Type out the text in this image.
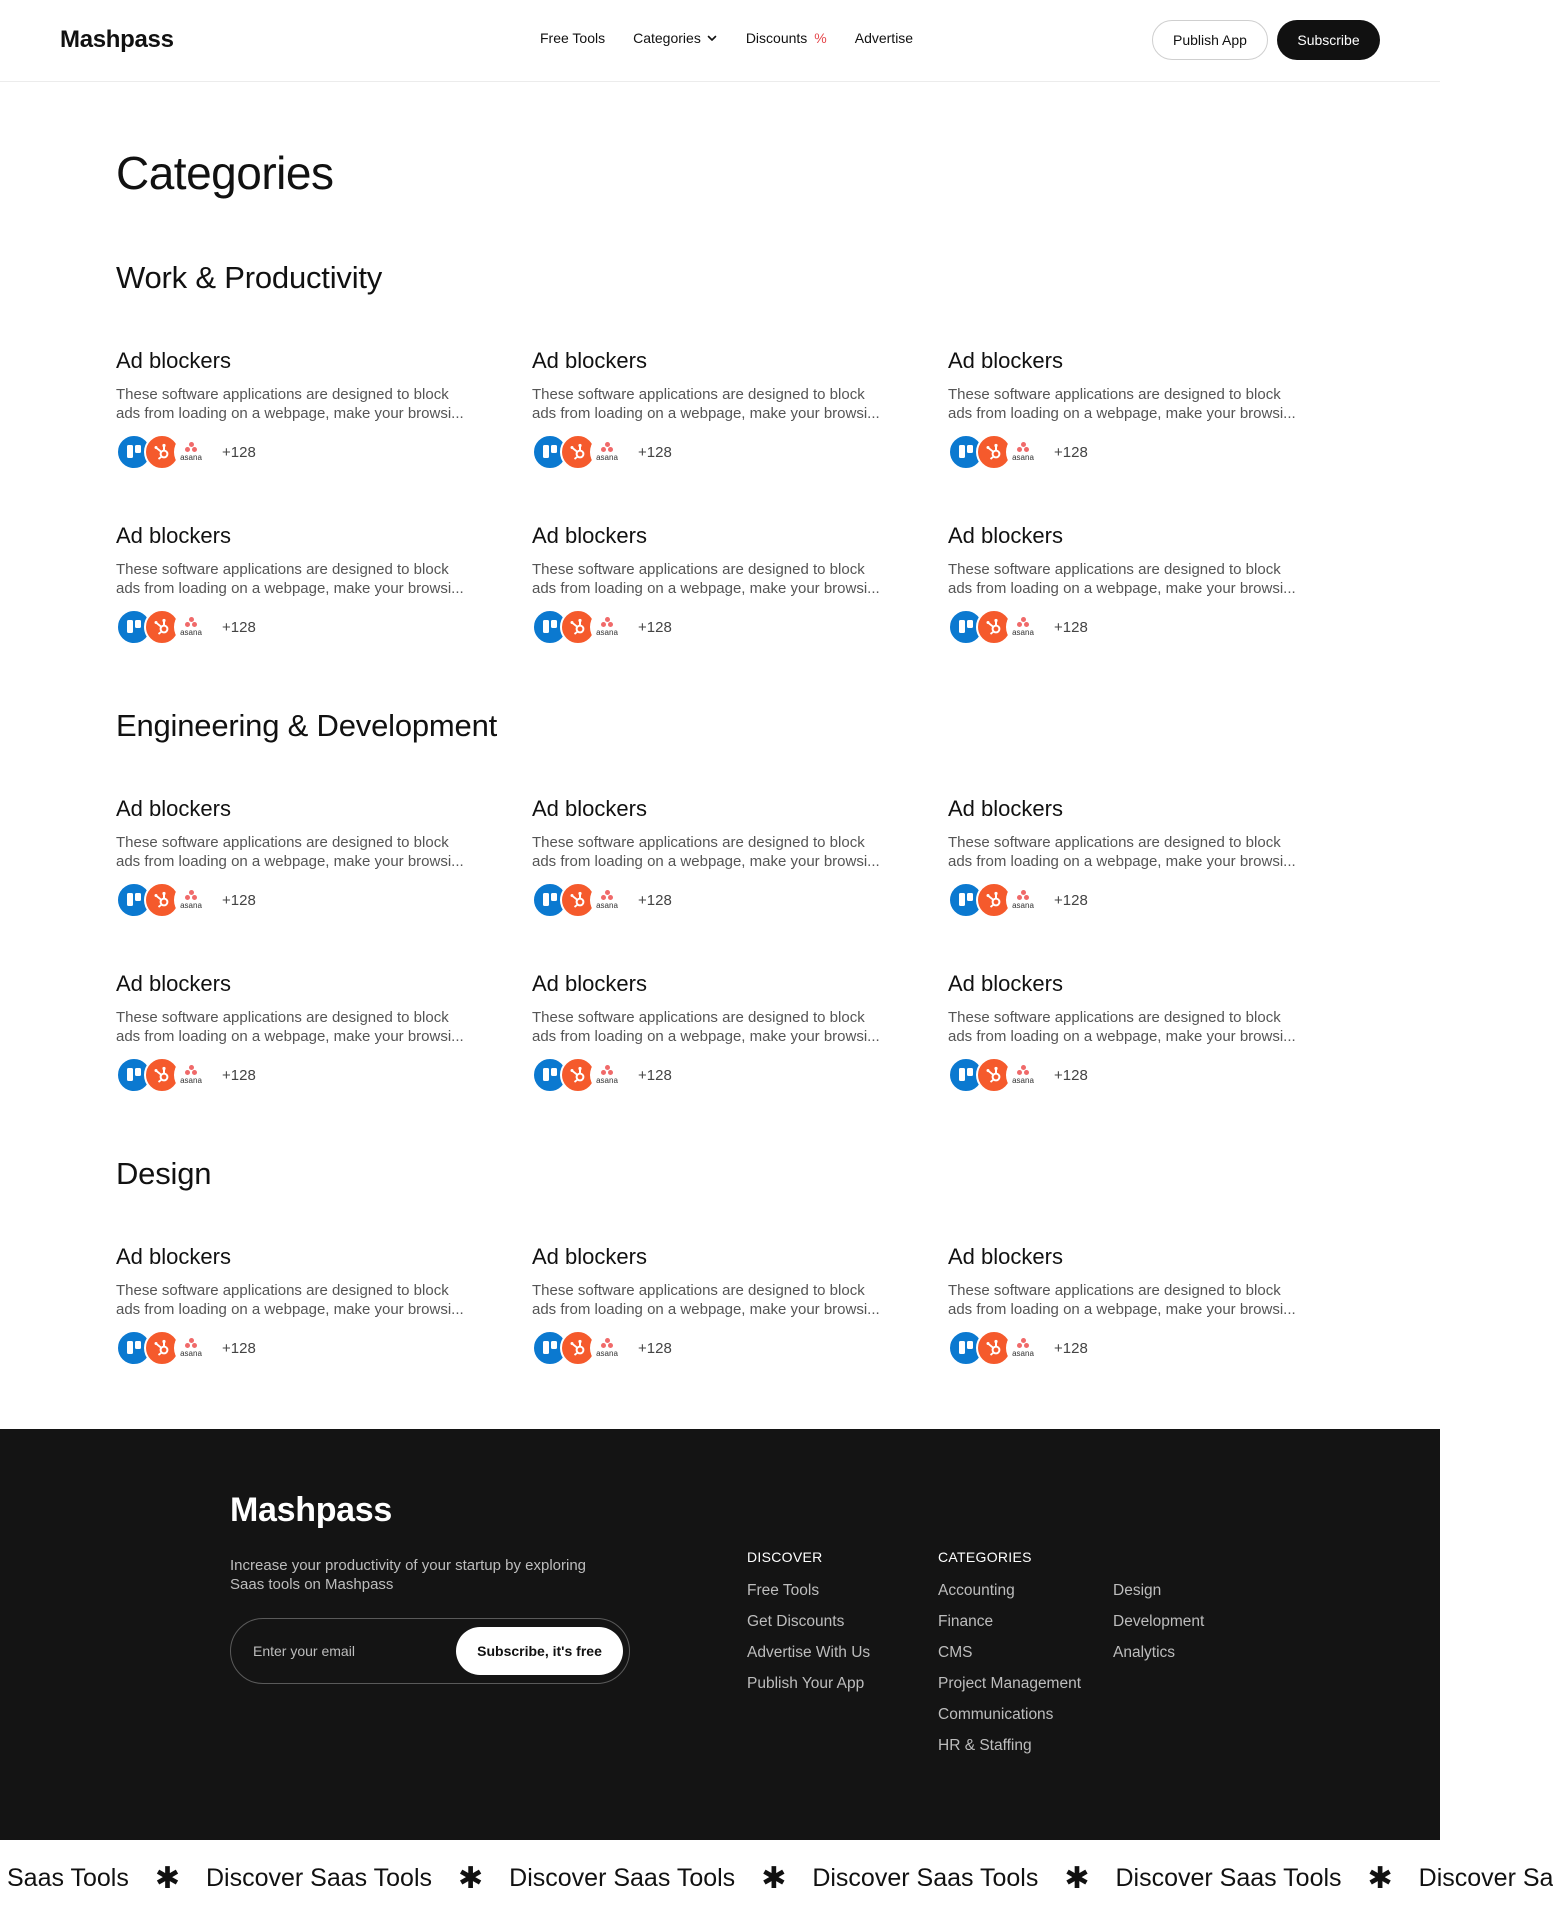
Mashpass	Free Tools Categories	Discounts % Advertise	Publish App	Subscribe
Categories
Work & Productivity
Engineering & Development
Design
Ad blockers
These software applications are designed to block
ads from loading on a webpage, make your browsi...
asana +128
Ad blockers
These software applications are designed to block
ads from loading on a webpage, make your browsi...
asana +128
Ad blockers
These software applications are designed to block
ads from loading on a webpage, make your browsi...
asana +128
Ad blockers
These software applications are designed to block
ads from loading on a webpage, make your browsi...
asana +128
Ad blockers
These software applications are designed to block
ads from loading on a webpage, make your browsi...
asana +128
Ad blockers
These software applications are designed to block
ads from loading on a webpage, make your browsi...
asana +128
Ad blockers
These software applications are designed to block
ads from loading on a webpage, make your browsi...
asana +128
Ad blockers
These software applications are designed to block
ads from loading on a webpage, make your browsi...
asana +128
Ad blockers
These software applications are designed to block
ads from loading on a webpage, make your browsi...
asana +128
Ad blockers
These software applications are designed to block
ads from loading on a webpage, make your browsi...
asana +128
Ad blockers
These software applications are designed to block
ads from loading on a webpage, make your browsi...
asana +128
Ad blockers
These software applications are designed to block
ads from loading on a webpage, make your browsi...
asana +128
Ad blockers
These software applications are designed to block
ads from loading on a webpage, make your browsi...
asana +128
Ad blockers
These software applications are designed to block
ads from loading on a webpage, make your browsi...
asana +128
Ad blockers
These software applications are designed to block
ads from loading on a webpage, make your browsi...
asana +128
Mashpass
Increase your productivity of your startup by exploring Saas tools on Mashpass
Enter your email
Subscribe, it's free
DISCOVER
Free Tools
Get Discounts
Advertise With Us
Publish Your App
CATEGORIES
Accounting
Finance
CMS
Project Management
Communications
HR & Staffing
Design
Development
Analytics
Saas Tools ✱ Discover Saas Tools ✱ Discover Saas Tools ✱ Discover Saas Tools ✱ Discover Saas Tools ✱ Discover Sa
